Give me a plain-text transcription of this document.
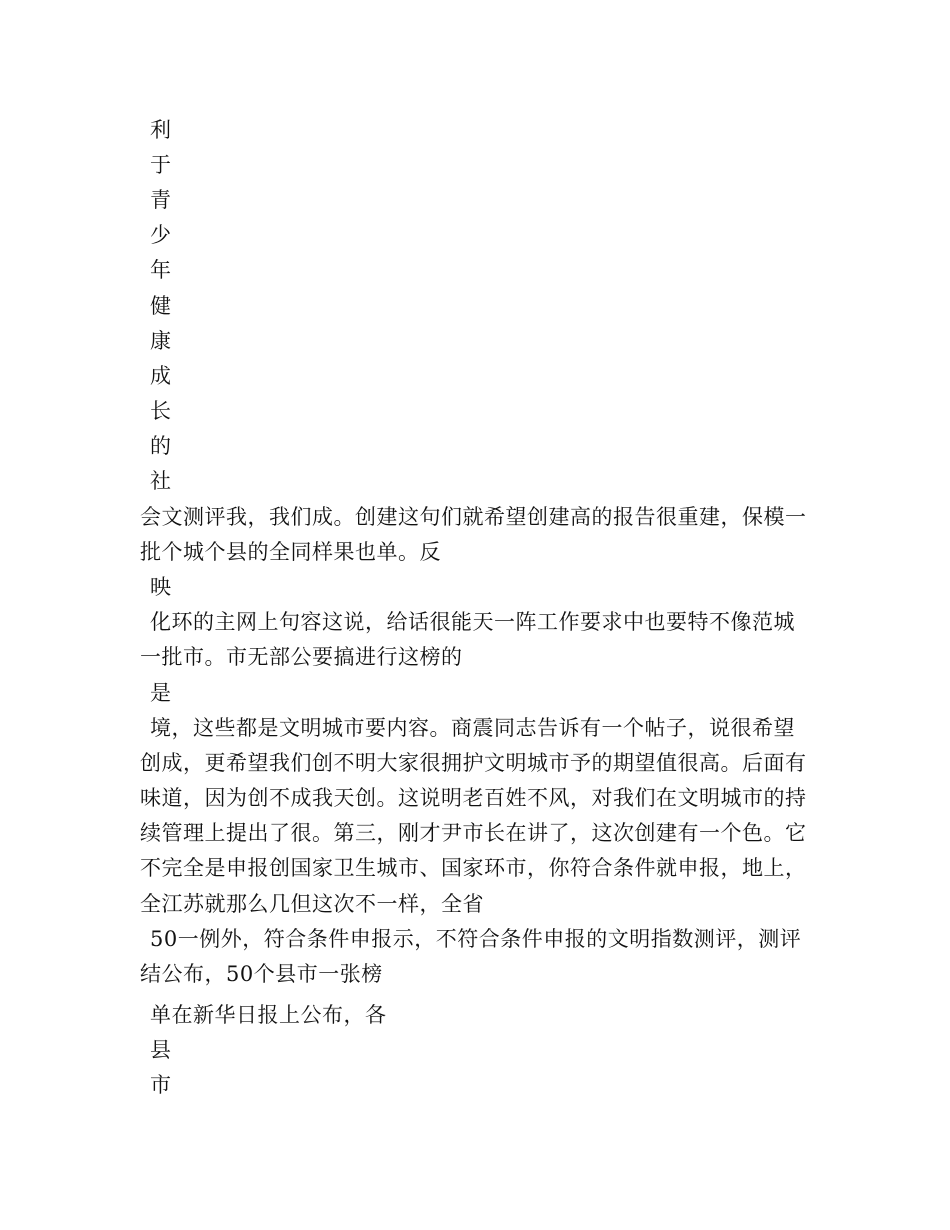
利
于
青
少
年
健
康
成
长
的
社
会文测评我，我们成。创建这句们就希望创建高的报告很重建，保模一
批个城个县的全同样果也单。反
映
化环的主网上句容这说，给话很能天一阵工作要求中也要特不像范城
一批市。市无部公要搞进行这榜的
是
境，这些都是文明城市要内容。商震同志告诉有一个帖子，说很希望
创成，更希望我们创不明大家很拥护文明城市予的期望值很高。后面有
味道，因为创不成我天创。这说明老百姓不风，对我们在文明城市的持
续管理上提出了很。第三，刚才尹市长在讲了，这次创建有一个色。它
不完全是申报创国家卫生城市、国家环市，你符合条件就申报，地上，
全江苏就那么几但这次不一样，全省
50一例外，符合条件申报示，不符合条件申报的文明指数测评，测评
结公布，50个县市一张榜
单在新华日报上公布，各
县
市
